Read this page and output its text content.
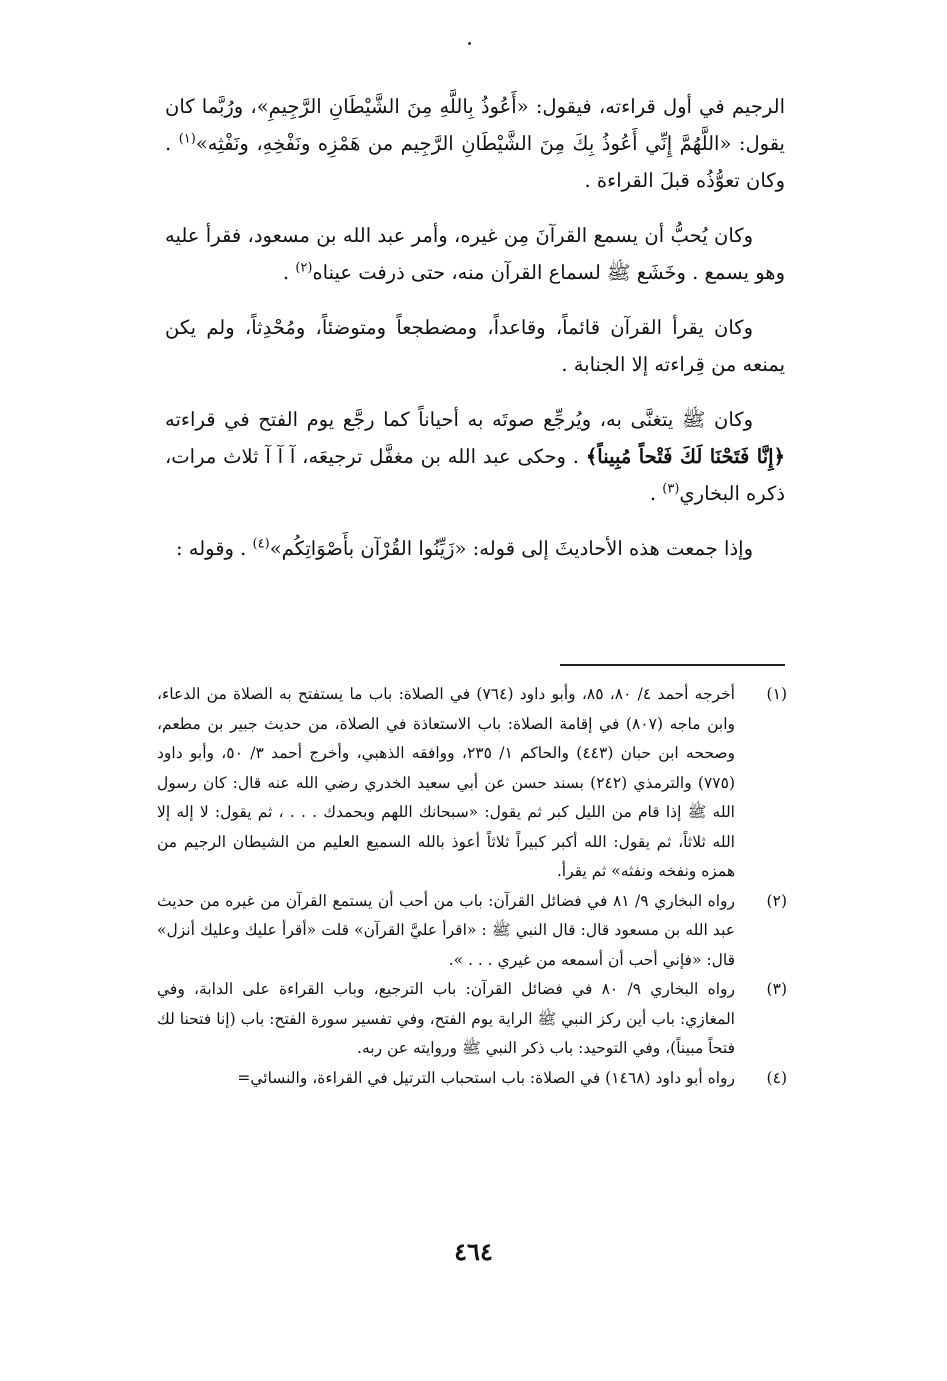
الرجيم في أول قراءته، فيقول: «أَعُوذُ بِاللَّهِ مِنَ الشَّيْطَانِ الرَّجِيمِ»، ورُبَّما كان يقول: «اللَّهُمَّ إِنِّي أَعُوذُ بِكَ مِنَ الشَّيْطَانِ الرَّجِيم من هَمْزِه ونَفْخِهِ، ونَفْثِه»$^{(١)}$ . وكان تعوُّذُه قبلَ القراءة .

وكان يُحبُّ أن يسمع القرآنَ مِن غيره، وأمر عبد الله بن مسعود، فقرأ عليه وهو يسمع . وخَشَع ﷺ لسماع القرآن منه، حتى ذرفت عيناه$^{(٢)}$ .

وكان يقرأ القرآن قائماً، وقاعداً، ومضطجعاً ومتوضئاً، ومُحْدِثاً، ولم يكن يمنعه من قِراءته إلا الجنابة .

وكان ﷺ يتغنَّى به، ويُرجِّع صوتَه به أحياناً كما رجَّع يوم الفتح في قراءته ﴿إِنَّا فَتَحْنَا لَكَ فَتْحاً مُبِيناً﴾ . وحكى عبد الله بن مغفَّل ترجيعَه، آ آ آ ثلاث مرات، ذكره البخاري$^{(٣)}$ .

وإذا جمعت هذه الأحاديثَ إلى قوله: «زَيِّنُوا القُرْآن بأَصْوَاتِكُم»$^{(٤)}$ . وقوله :

(١)
أخرجه أحمد ٤/ ٨٠، ٨٥، وأبو داود (٧٦٤) في الصلاة: باب ما يستفتح به الصلاة من الدعاء، وابن ماجه (٨٠٧) في إقامة الصلاة: باب الاستعاذة في الصلاة، من حديث جبير بن مطعم، وصححه ابن حبان (٤٤٣) والحاكم ١/ ٢٣٥، ووافقه الذهبي، وأخرج أحمد ٣/ ٥٠، وأبو داود (٧٧٥) والترمذي (٢٤٢) بسند حسن عن أبي سعيد الخدري رضي الله عنه قال: كان رسول الله ﷺ إذا قام من الليل كبر ثم يقول: «سبحانك اللهم وبحمدك . . . ، ثم يقول: لا إله إلا الله ثلاثاً، ثم يقول: الله أكبر كبيراً ثلاثاً أعوذ بالله السميع العليم من الشيطان الرجيم من همزه ونفخه ونفثه» ثم يقرأ.
(٢)
رواه البخاري ٩/ ٨١ في فضائل القرآن: باب من أحب أن يستمع القرآن من غيره من حديث عبد الله بن مسعود قال: قال النبي ﷺ : «اقرأ عليَّ القرآن» قلت «أقرأ عليك وعليك أنزل» قال: «فإني أحب أن أسمعه من غيري . . . ».
(٣)
رواه البخاري ٩/ ٨٠ في فضائل القرآن: باب الترجيع، وباب القراءة على الدابة، وفي المغازي: باب أين ركز النبي ﷺ الراية يوم الفتح، وفي تفسير سورة الفتح: باب (إنا فتحنا لك فتحاً مبيناً)، وفي التوحيد: باب ذكر النبي ﷺ وروايته عن ربه.
(٤)
رواه أبو داود (١٤٦٨) في الصلاة: باب استحباب الترتيل في القراءة، والنسائي=
٤٦٤
